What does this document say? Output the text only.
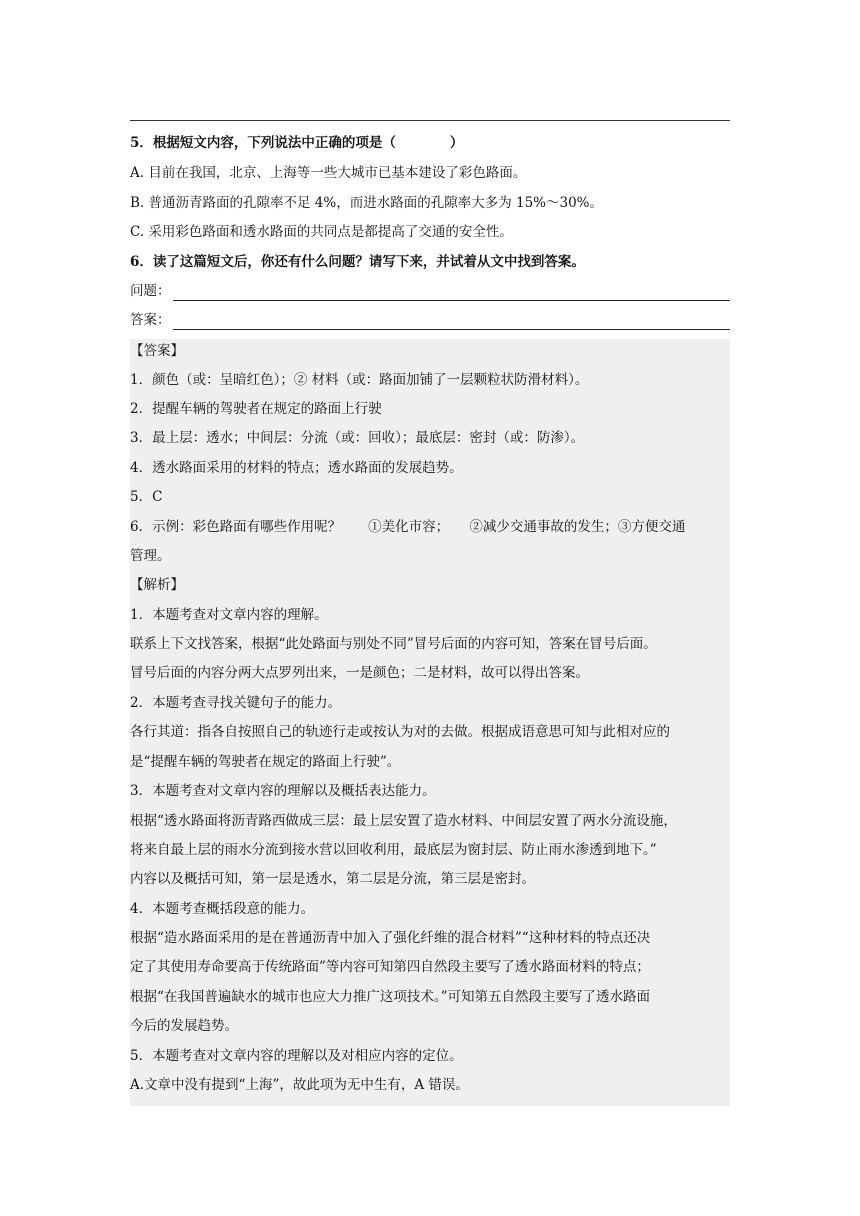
5．根据短文内容，下列说法中正确的项是（　　　　）
A. 目前在我国，北京、上海等一些大城市已基本建设了彩色路面。
B. 普通沥青路面的孔隙率不足 4%，而进水路面的孔隙率大多为 15%～30%。
C. 采用彩色路面和透水路面的共同点是都提高了交通的安全性。
6．读了这篇短文后，你还有什么问题？请写下来，并试着从文中找到答案。
问题：
答案：
【答案】
1．颜色（或：呈暗红色）；② 材料（或：路面加铺了一层颗粒状防滑材料）。
2．提醒车辆的驾驶者在规定的路面上行驶
3．最上层：透水；中间层：分流（或：回收）；最底层：密封（或：防渗）。
4．透水路面采用的材料的特点；透水路面的发展趋势。
5．C
6．示例：彩色路面有哪些作用呢？　　①美化市容；　　②减少交通事故的发生；③方便交通
管理。
【解析】
1．本题考查对文章内容的理解。
联系上下文找答案，根据“此处路面与别处不同”冒号后面的内容可知，答案在冒号后面。
冒号后面的内容分两大点罗列出来，一是颜色；二是材料，故可以得出答案。
2．本题考查寻找关键句子的能力。
各行其道：指各自按照自己的轨迹行走或按认为对的去做。根据成语意思可知与此相对应的
是“提醒车辆的驾驶者在规定的路面上行驶”。
3．本题考查对文章内容的理解以及概括表达能力。
根据“透水路面将沥青路西做成三层：最上层安置了造水材料、中间层安置了两水分流设施，
将来自最上层的雨水分流到接水营以回收利用，最底层为窗封层、防止雨水渗透到地下。”
内容以及概括可知，第一层是透水，第二层是分流，第三层是密封。
4．本题考查概括段意的能力。
根据“造水路面采用的是在普通沥青中加入了强化纤维的混合材料”“这种材料的特点还决
定了其使用寿命要高于传统路面”等内容可知第四自然段主要写了透水路面材料的特点；
根据“在我国普遍缺水的城市也应大力推广这项技术。”可知第五自然段主要写了透水路面
今后的发展趋势。
5．本题考查对文章内容的理解以及对相应内容的定位。
A.文章中没有提到“上海”，故此项为无中生有，A 错误。
